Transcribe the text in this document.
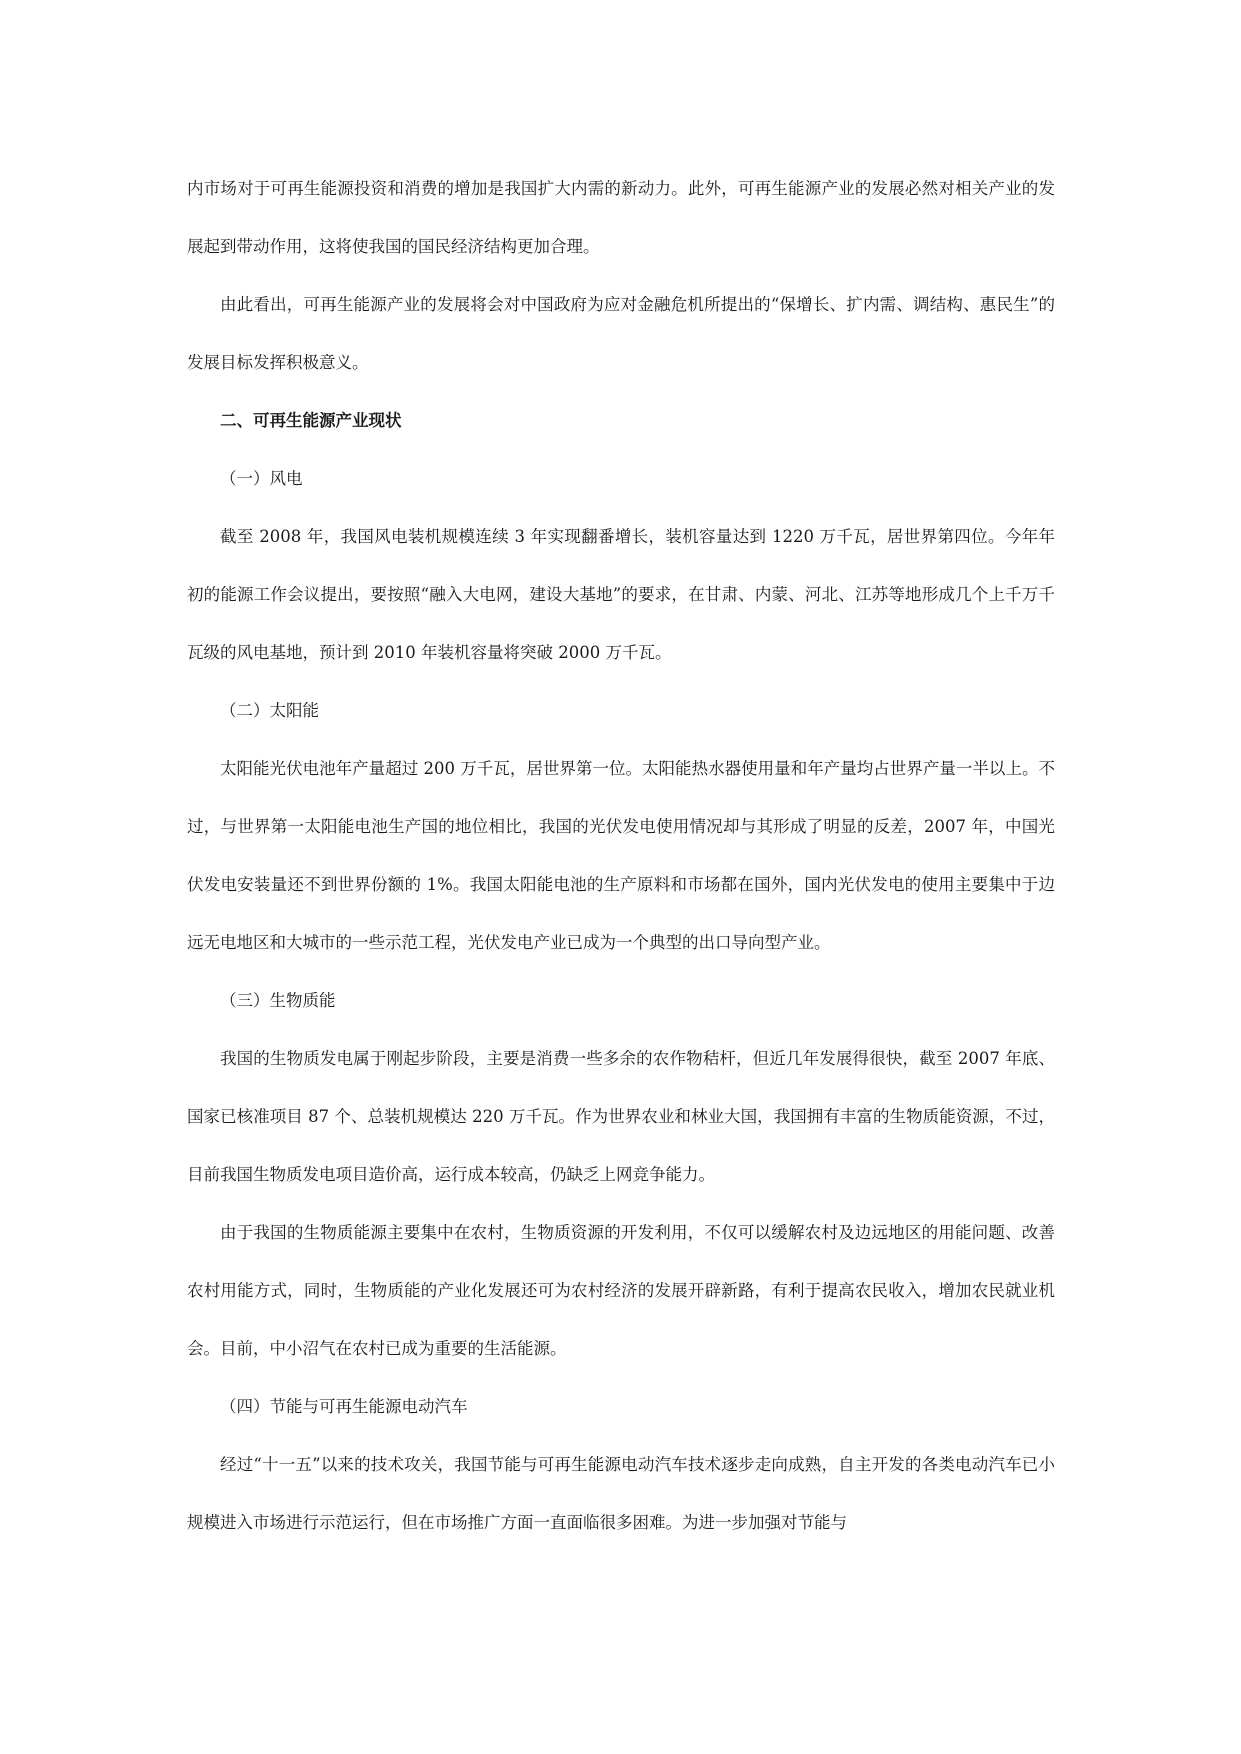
内市场对于可再生能源投资和消费的增加是我国扩大内需的新动力。此外，可再生能源产业的发展必然对相关产业的发展起到带动作用，这将使我国的国民经济结构更加合理。

由此看出，可再生能源产业的发展将会对中国政府为应对金融危机所提出的“保增长、扩内需、调结构、惠民生”的发展目标发挥积极意义。

二、可再生能源产业现状

（一）风电

截至 2008 年，我国风电装机规模连续 3 年实现翻番增长，装机容量达到 1220 万千瓦，居世界第四位。今年年初的能源工作会议提出，要按照“融入大电网，建设大基地”的要求，在甘肃、内蒙、河北、江苏等地形成几个上千万千瓦级的风电基地，预计到 2010 年装机容量将突破 2000 万千瓦。

（二）太阳能

太阳能光伏电池年产量超过 200 万千瓦，居世界第一位。太阳能热水器使用量和年产量均占世界产量一半以上。不过，与世界第一太阳能电池生产国的地位相比，我国的光伏发电使用情况却与其形成了明显的反差，2007 年，中国光伏发电安装量还不到世界份额的 1%。我国太阳能电池的生产原料和市场都在国外，国内光伏发电的使用主要集中于边远无电地区和大城市的一些示范工程，光伏发电产业已成为一个典型的出口导向型产业。

（三）生物质能

我国的生物质发电属于刚起步阶段，主要是消费一些多余的农作物秸杆，但近几年发展得很快，截至 2007 年底、国家已核准项目 87 个、总装机规模达 220 万千瓦。作为世界农业和林业大国，我国拥有丰富的生物质能资源，不过，目前我国生物质发电项目造价高，运行成本较高，仍缺乏上网竞争能力。

由于我国的生物质能源主要集中在农村，生物质资源的开发利用，不仅可以缓解农村及边远地区的用能问题、改善农村用能方式，同时，生物质能的产业化发展还可为农村经济的发展开辟新路，有利于提高农民收入，增加农民就业机会。目前，中小沼气在农村已成为重要的生活能源。

（四）节能与可再生能源电动汽车

经过“十一五”以来的技术攻关，我国节能与可再生能源电动汽车技术逐步走向成熟，自主开发的各类电动汽车已小规模进入市场进行示范运行，但在市场推广方面一直面临很多困难。为进一步加强对节能与
